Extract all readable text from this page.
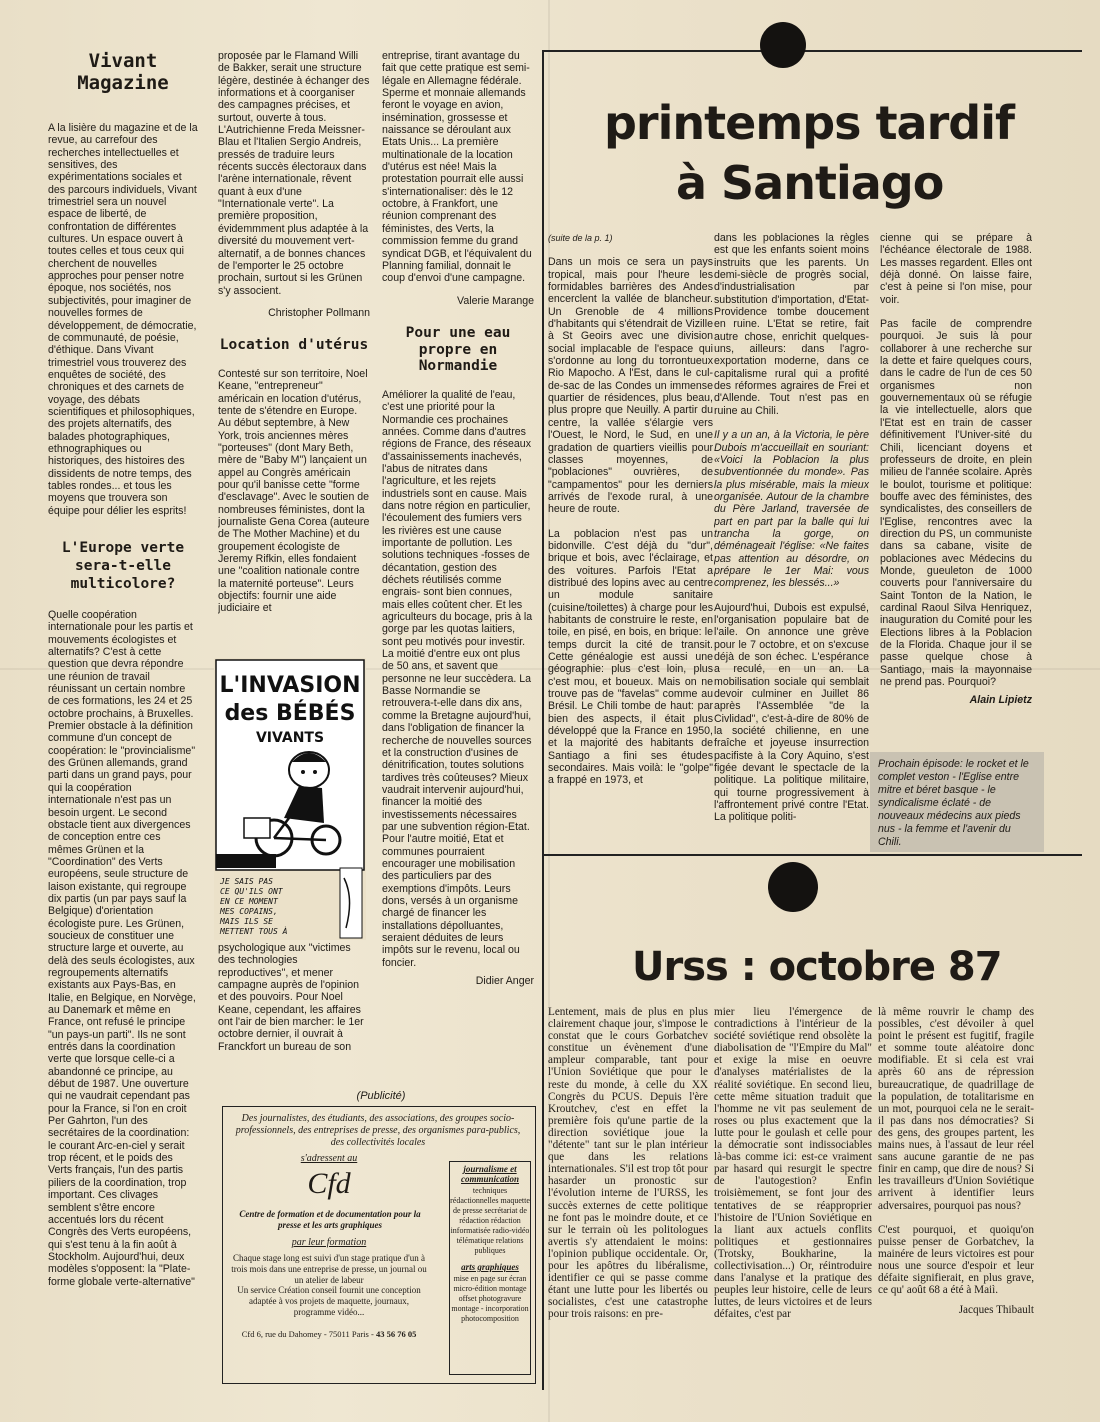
Vivant
Magazine

A la lisière du magazine et de la revue, au carrefour des recherches intellectuelles et sensitives, des expérimentations sociales et des parcours individuels, Vivant trimestriel sera un nouvel espace de liberté, de confrontation de différentes cultures. Un espace ouvert à toutes celles et tous ceux qui cherchent de nouvelles approches pour penser notre époque, nos sociétés, nos subjectivités, pour imaginer de nouvelles formes de développement, de démocratie, de communauté, de poésie, d'éthique. Dans Vivant trimestriel vous trouverez des enquêtes de société, des chroniques et des carnets de voyage, des débats scientifiques et philosophiques, des projets alternatifs, des balades photographiques, ethnographiques ou historiques, des histoires des dissidents de notre temps, des tables rondes... et tous les moyens que trouvera son équipe pour délier les esprits!

L'Europe verte sera-t-elle multicolore?

Quelle coopération internationale pour les partis et mouvements écologistes et alternatifs? C'est à cette question que devra répondre une réunion de travail réunissant un certain nombre de ces formations, les 24 et 25 octobre prochains, à Bruxelles. Premier obstacle à la définition commune d'un concept de coopération: le "provincialisme" des Grünen allemands, grand parti dans un grand pays, pour qui la coopération internationale n'est pas un besoin urgent. Le second obstacle tient aux divergences de conception entre ces mêmes Grünen et la "Coordination" des Verts européens, seule structure de laison existante, qui regroupe dix partis (un par pays sauf la Belgique) d'orientation écologiste pure. Les Grünen, soucieux de constituer une structure large et ouverte, au delà des seuls écologistes, aux regroupements alternatifs existants aux Pays-Bas, en Italie, en Belgique, en Norvège, au Danemark et même en France, ont refusé le principe "un pays-un parti". Ils ne sont entrés dans la coordination verte que lorsque celle-ci a abandonné ce principe, au début de 1987. Une ouverture qui ne vaudrait cependant pas pour la France, si l'on en croit Per Gahrton, l'un des secrétaires de la coordination: le courant Arc-en-ciel y serait trop récent, et le poids des Verts français, l'un des partis piliers de la coordination, trop important. Ces clivages semblent s'être encore accentués lors du récent Congrès des Verts européens, qui s'est tenu à la fin août à Stockholm. Aujourd'hui, deux modèles s'opposent: la "Plate-forme globale verte-alternative"

proposée par le Flamand Willi de Bakker, serait une structure légère, destinée à échanger des informations et à coorganiser des campagnes précises, et surtout, ouverte à tous. L'Autrichienne Freda Meissner-Blau et l'Italien Sergio Andreis, pressés de traduire leurs récents succès électoraux dans l'arène internationale, rêvent quant à eux d'une "Internationale verte". La première proposition, évidemmment plus adaptée à la diversité du mouvement vert-alternatif, a de bonnes chances de l'emporter le 25 octobre prochain, surtout si les Grünen s'y associent.

Christopher Pollmann

Location d'utérus

Contesté sur son territoire, Noel Keane, "entrepreneur" américain en location d'utérus, tente de s'étendre en Europe. Au début septembre, à New York, trois anciennes mères "porteuses" (dont Mary Beth, mère de "Baby M") lançaient un appel au Congrès américain pour qu'il banisse cette "forme d'esclavage". Avec le soutien de nombreuses féministes, dont la journaliste Gena Corea (auteure de The Mother Machine) et du groupement écologiste de Jeremy Rifkin, elles fondaient une "coalition nationale contre la maternité porteuse". Leurs objectifs: fournir une aide judiciaire et

L'INVASION
des BÉBÉS
VIVANTS
JE SAIS PAS CE QU'ILS ONT EN CE MOMENT MES COPAINS, MAIS ILS SE METTENT TOUS À

psychologique aux "victimes des technologies reproductives", et mener campagne auprès de l'opinion et des pouvoirs. Pour Noel Keane, cependant, les affaires ont l'air de bien marcher: le 1er octobre dernier, il ouvrait à Franckfort un bureau de son

entreprise, tirant avantage du fait que cette pratique est semi-légale en Allemagne fédérale. Sperme et monnaie allemands feront le voyage en avion, insémination, grossesse et naissance se déroulant aux Etats Unis... La première multinationale de la location d'utérus est née! Mais la protestation pourrait elle aussi s'internationaliser: dès le 12 octobre, à Frankfort, une réunion comprenant des féministes, des Verts, la commission femme du grand syndicat DGB, et l'équivalent du Planning familial, donnait le coup d'envoi d'une campagne.

Valerie Marange

Pour une eau propre en Normandie

Améliorer la qualité de l'eau, c'est une priorité pour la Normandie ces prochaines années. Comme dans d'autres régions de France, des réseaux d'assainissements inachevés, l'abus de nitrates dans l'agriculture, et les rejets industriels sont en cause. Mais dans notre région en particulier, l'écoulement des fumiers vers les rivières est une cause importante de pollution. Les solutions techniques -fosses de décantation, gestion des déchets réutilisés comme engrais- sont bien connues, mais elles coûtent cher. Et les agriculteurs du bocage, pris à la gorge par les quotas laitiers, sont peu motivés pour investir. La moitié d'entre eux ont plus de 50 ans, et savent que personne ne leur succèdera. La Basse Normandie se retrouvera-t-elle dans dix ans, comme la Bretagne aujourd'hui, dans l'obligation de financer la recherche de nouvelles sources et la construction d'usines de dénitrification, toutes solutions tardives très coûteuses? Mieux vaudrait intervenir aujourd'hui, financer la moitié des investissements nécessaires par une subvention région-Etat. Pour l'autre moitié, Etat et communes pourraient encourager une mobilisation des particuliers par des exemptions d'impôts. Leurs dons, versés à un organisme chargé de financer les installations dépolluantes, seraient déduites de leurs impôts sur le revenu, local ou foncier.

Didier Anger

(Publicité)
Des journalistes, des étudiants, des associations, des groupes socio-professionnels, des entreprises de presse, des organismes para-publics, des collectivités locales
s'adressent au
Cfd
Centre de formation et de documentation pour la presse et les arts graphiques
par leur formation
Chaque stage long est suivi d'un stage pratique d'un à trois mois dans une entreprise de presse, un journal ou un atelier de labeur
Un service Création conseil fournit une conception adaptée à vos projets de maquette, journaux, programme vidéo...
Cfd 6, rue du Dahomey - 75011 Paris - 43 56 76 05
journalisme et communication
techniques rédactionnelles maquette de presse secrétariat de rédaction rédaction informatisée radio-vidéo télématique relations publiques
arts graphiques
mise en page sur écran micro-édition montage offset photogravure montage - incorporation photocomposition
printemps tardif
à Santiago

(suite de la p. 1)

Dans un mois ce sera un pays tropical, mais pour l'heure les formidables barrières des Andes encerclent la vallée de blancheur. Un Grenoble de 4 millions d'habitants qui s'étendrait de Vizille à St Geoirs avec une division social implacable de l'espace qui s'ordonne au long du torrontueux Rio Mapocho. A l'Est, dans le cul-de-sac de las Condes un immense quartier de résidences, plus beau, plus propre que Neuilly. A partir du centre, la vallée s'élargie vers l'Ouest, le Nord, le Sud, en une gradation de quartiers vieillis pour classes moyennes, de "poblaciones" ouvrières, de "campamentos" pour les derniers arrivés de l'exode rural, à une heure de route.

La poblacion n'est pas un bidonville. C'est déjà du "dur", brique et bois, avec l'éclairage, et des voitures. Parfois l'Etat a distribué des lopins avec au centre un module sanitaire (cuisine/toilettes) à charge pour les habitants de construire le reste, en toile, en pisé, en bois, en brique: le temps durcit la cité de transit. Cette généalogie est aussi une géographie: plus c'est loin, plus c'est mou, et boueux. Mais on ne trouve pas de "favelas" comme au Brésil. Le Chili tombe de haut: par bien des aspects, il était plus développé que la France en 1950, et la majorité des habitants de Santiago a fini ses études secondaires. Mais voilà: le "golpe" a frappé en 1973, et

dans les poblaciones la règles est que les enfants soient moins instruits que les parents. Un demi-siècle de progrès social, d'industrialisation par substitution d'importation, d'Etat-Providence tombe doucement en ruine. L'Etat se retire, fait autre chose, enrichit quelques-uns, ailleurs: dans l'agro-exportation moderne, dans ce capitalisme rural qui a profité des réformes agraires de Frei et d'Allende. Tout n'est pas en ruine au Chili.

Il y a un an, à la Victoria, le père Dubois m'accueillait en souriant: «Voici la Poblacion la plus subventionnée du monde». Pas la plus misérable, mais la mieux organisée. Autour de la chambre du Père Jarland, traversée de part en part par la balle qui lui trancha la gorge, on déménageait l'église: «Ne faites pas attention au désordre, on prépare le 1er Mai: vous comprenez, les blessés...»

Aujourd'hui, Dubois est expulsé, l'organisation populaire bat de l'aile. On annonce une grève pour le 7 octobre, et on s'excuse déjà de son échec. L'espérance a reculé, en un an. La mobilisation sociale qui semblait devoir culminer en Juillet 86 après l'Assemblée "de la Civlidad", c'est-à-dire de 80% de la société chilienne, en une fraîche et joyeuse insurrection pacifiste à la Cory Aquino, s'est figée devant le spectacle de la politique. La politique militaire, qui tourne progressivement à l'affrontement privé contre l'Etat. La politique politi-

cienne qui se prépare à l'échéance électorale de 1988. Les masses regardent. Elles ont déjà donné. On laisse faire, c'est à peine si l'on mise, pour voir.

Pas facile de comprendre pourquoi. Je suis là pour collaborer à une recherche sur la dette et faire quelques cours, dans le cadre de l'un de ces 50 organismes non gouvernementaux où se réfugie la vie intellectuelle, alors que l'Etat est en train de casser définitivement l'Univer-sité du Chili, licenciant doyens et professeurs de droite, en plein milieu de l'année scolaire. Après le boulot, tourisme et politique: bouffe avec des féministes, des syndicalistes, des conseillers de l'Eglise, rencontres avec la direction du PS, un communiste dans sa cabane, visite de poblaciones avec Médecins du Monde, gueuleton de 1000 couverts pour l'anniversaire du Saint Tonton de la Nation, le cardinal Raoul Silva Henriquez, inauguration du Comité pour les Elections libres à la Poblacion de la Florida. Chaque jour il se passe quelque chose à Santiago, mais la mayonnaise ne prend pas. Pourquoi?

Alain Lipietz

Prochain épisode: le rocket et le complet veston - l'Eglise entre mitre et béret basque - le syndicalisme éclaté - de nouveaux médecins aux pieds nus - la femme et l'avenir du Chili.
Urss : octobre 87

Lentement, mais de plus en plus clairement chaque jour, s'impose le constat que le cours Gorbatchev constitue un évènement d'une ampleur comparable, tant pour l'Union Soviétique que pour le reste du monde, à celle du XX Congrès du PCUS. Depuis l'ère Kroutchev, c'est en effet la première fois qu'une partie de la direction soviétique joue la "détente" tant sur le plan intérieur que dans les relations internationales. S'il est trop tôt pour hasarder un pronostic sur l'évolution interne de l'URSS, les succès externes de cette politique ne font pas le moindre doute, et ce sur le terrain où les politologues avertis s'y attendaient le moins: l'opinion publique occidentale. Or, pour les apôtres du libéralisme, identifier ce qui se passe comme étant une lutte pour les libertés ou socialistes, c'est une catastrophe pour trois raisons: en pre-

mier lieu l'émergence de contradictions à l'intérieur de la société soviétique rend obsolète la diabolisation de "l'Empire du Mal" et exige la mise en oeuvre d'analyses matérialistes de la réalité soviétique. En second lieu, cette même situation traduit que l'homme ne vit pas seulement de roses ou plus exactement que la lutte pour le goulash et celle pour la démocratie sont indissociables là-bas comme ici: est-ce vraiment par hasard qui resurgit le spectre de l'autogestion? Enfin troisièmement, se font jour des tentatives de se réapproprier l'histoire de l'Union Soviétique en la liant aux actuels conflits politiques et gestionnaires (Trotsky, Boukharine, la collectivisation...) Or, réintroduire dans l'analyse et la pratique des peuples leur histoire, celle de leurs luttes, de leurs victoires et de leurs défaites, c'est par

là même rouvrir le champ des possibles, c'est dévoiler à quel point le présent est fugitif, fragile et somme toute aléatoire donc modifiable. Et si cela est vrai après 60 ans de répression bureaucratique, de quadrillage de la population, de totalitarisme en un mot, pourquoi cela ne le serait-il pas dans nos démocraties? Si des gens, des groupes partent, les mains nues, à l'assaut de leur réel sans aucune garantie de ne pas finir en camp, que dire de nous? Si les travailleurs d'Union Soviétique arrivent à identifier leurs adversaires, pourquoi pas nous?

C'est pourquoi, et quoiqu'on puisse penser de Gorbatchev, la mainére de leurs victoires est pour nous une source d'espoir et leur défaite signifierait, en plus grave, ce qu' août 68 a été à Maiì.

Jacques Thibault
